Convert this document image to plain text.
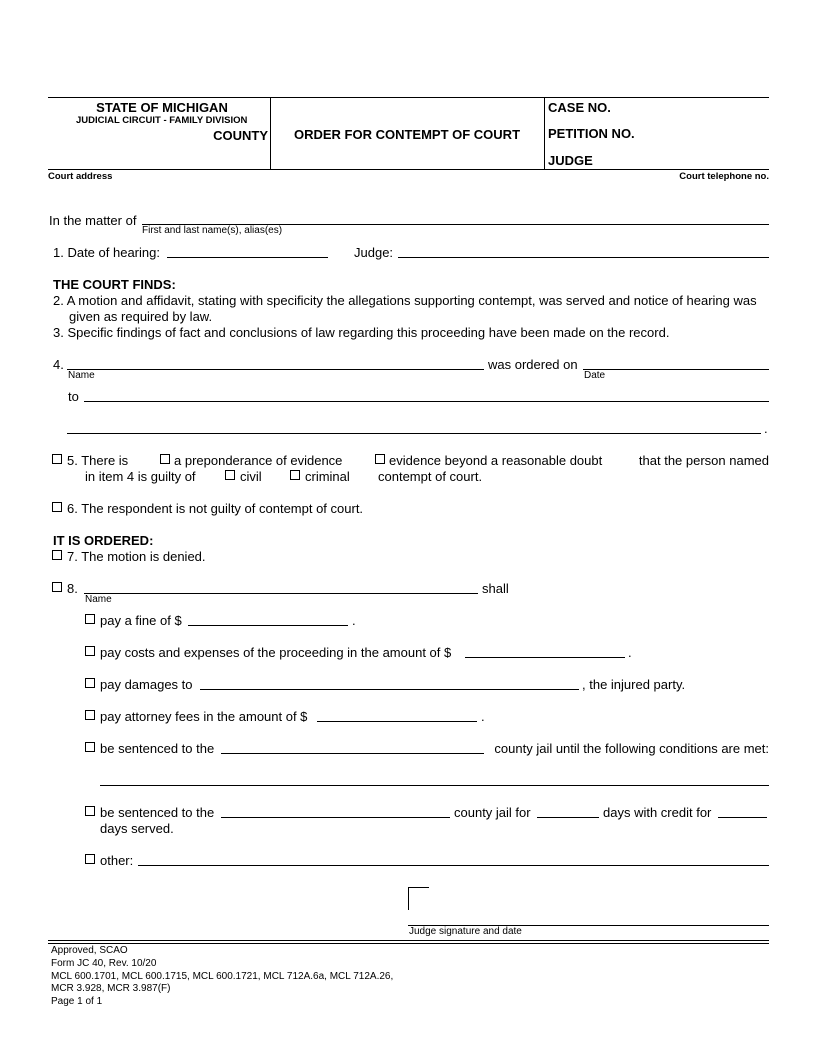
STATE OF MICHIGAN
JUDICIAL CIRCUIT - FAMILY DIVISION
COUNTY	ORDER FOR CONTEMPT OF COURT
CASE NO.
PETITION NO.
JUDGE
Court address	Court telephone no.
In the matter of
First and last name(s), alias(es)
1. Date of hearing:	Judge:
THE COURT FINDS:
2. A motion and affidavit, stating with specificity the allegations supporting contempt, was served and notice of hearing was
given as required by law.
3. Specific findings of fact and conclusions of law regarding this proceeding have been made on the record.
4.
Name
was ordered on
Date
to
.
5. There is	a preponderance of evidence	evidence beyond a reasonable doubt	that the person named
in item 4 is guilty of	civil	criminal contempt of court.
6. The respondent is not guilty of contempt of court.
IT IS ORDERED:
7. The motion is denied.
8.
Name
shall
pay a fine of $	.
pay costs and expenses of the proceeding in the amount of $	.
pay damages to	, the injured party.
pay attorney fees in the amount of $	.
be sentenced to the	county jail until the following conditions are met:
be sentenced to the	county jail for	days with credit for
days served.
other:
Judge signature and date
Approved, SCAO
Form JC 40, Rev. 10/20
MCL 600.1701, MCL 600.1715, MCL 600.1721, MCL 712A.6a, MCL 712A.26,
MCR 3.928, MCR 3.987(F)
Page 1 of 1
